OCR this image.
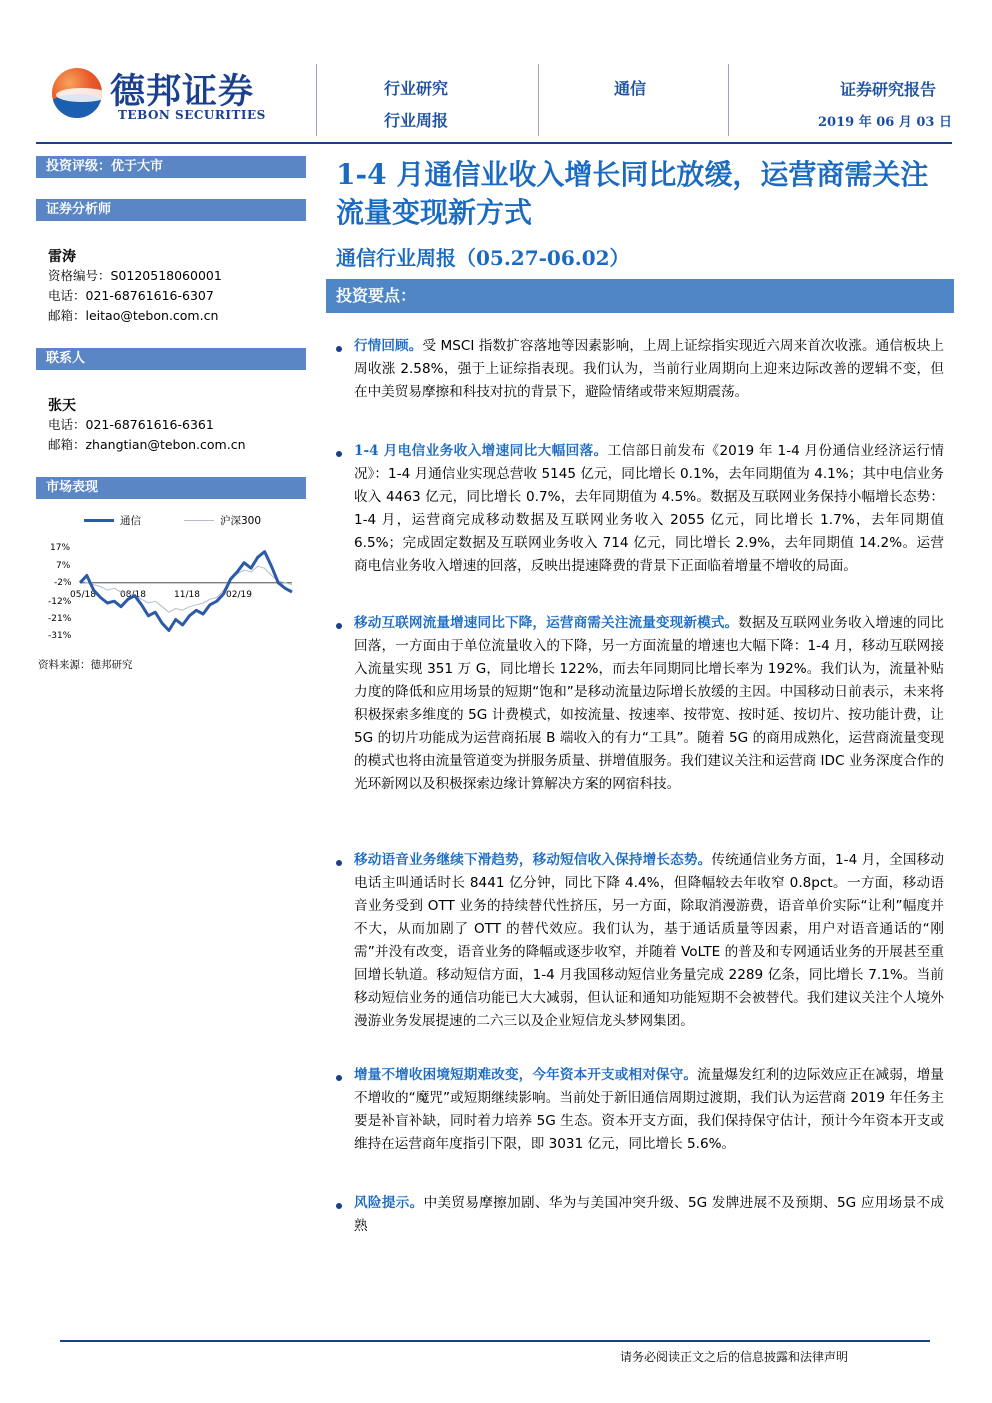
德邦证券
TEBON SECURITIES
行业研究
行业周报
通信	证券研究报告
2019 年 06 月 03 日
投资评级：优于大市
证券分析师
雷涛
资格编号：S0120518060001
电话：021-68761616-6307
邮箱：leitao@tebon.com.cn
联系人
张天
电话：021-68761616-6361
邮箱：zhangtian@tebon.com.cn
市场表现
通信	沪深300
17%
7%
-2%
-12%
-21%
-31%
05/18	08/18	11/18	02/19
资料来源：德邦研究
1-4 月通信业收入增长同比放缓，运营商需关注流量变现新方式
通信行业周报（05.27-06.02）
投资要点：
行情回顾。受 MSCI 指数扩容落地等因素影响，上周上证综指实现近六周来首次收涨。通信板块上周收涨 2.58%，强于上证综指表现。我们认为，当前行业周期向上迎来边际改善的逻辑不变，但在中美贸易摩擦和科技对抗的背景下，避险情绪或带来短期震荡。
1-4 月电信业务收入增速同比大幅回落。工信部日前发布《2019 年 1-4 月份通信业经济运行情况》：1-4 月通信业实现总营收 5145 亿元，同比增长 0.1%，去年同期值为 4.1%；其中电信业务收入 4463 亿元，同比增长 0.7%，去年同期值为 4.5%。数据及互联网业务保持小幅增长态势：1-4 月，运营商完成移动数据及互联网业务收入 2055 亿元，同比增长 1.7%，去年同期值 6.5%；完成固定数据及互联网业务收入 714 亿元，同比增长 2.9%，去年同期值 14.2%。运营商电信业务收入增速的回落，反映出提速降费的背景下正面临着增量不增收的局面。
移动互联网流量增速同比下降，运营商需关注流量变现新模式。数据及互联网业务收入增速的同比回落，一方面由于单位流量收入的下降，另一方面流量的增速也大幅下降：1-4 月，移动互联网接入流量实现 351 万 G，同比增长 122%，而去年同期同比增长率为 192%。我们认为，流量补贴力度的降低和应用场景的短期“饱和”是移动流量边际增长放缓的主因。中国移动日前表示，未来将积极探索多维度的 5G 计费模式，如按流量、按速率、按带宽、按时延、按切片、按功能计费，让 5G 的切片功能成为运营商拓展 B 端收入的有力“工具”。随着 5G 的商用成熟化，运营商流量变现的模式也将由流量管道变为拼服务质量、拼增值服务。我们建议关注和运营商 IDC 业务深度合作的光环新网以及积极探索边缘计算解决方案的网宿科技。
移动语音业务继续下滑趋势，移动短信收入保持增长态势。传统通信业务方面，1-4 月，全国移动电话主叫通话时长 8441 亿分钟，同比下降 4.4%，但降幅较去年收窄 0.8pct。一方面，移动语音业务受到 OTT 业务的持续替代性挤压，另一方面，除取消漫游费，语音单价实际“让利”幅度并不大，从而加剧了 OTT 的替代效应。我们认为，基于通话质量等因素，用户对语音通话的“刚需”并没有改变，语音业务的降幅或逐步收窄，并随着 VoLTE 的普及和专网通话业务的开展甚至重回增长轨道。移动短信方面，1-4 月我国移动短信业务量完成 2289 亿条，同比增长 7.1%。当前移动短信业务的通信功能已大大减弱，但认证和通知功能短期不会被替代。我们建议关注个人境外漫游业务发展提速的二六三以及企业短信龙头梦网集团。
增量不增收困境短期难改变，今年资本开支或相对保守。流量爆发红利的边际效应正在减弱，增量不增收的“魔咒”或短期继续影响。当前处于新旧通信周期过渡期，我们认为运营商 2019 年任务主要是补盲补缺，同时着力培养 5G 生态。资本开支方面，我们保持保守估计，预计今年资本开支或维持在运营商年度指引下限，即 3031 亿元，同比增长 5.6%。
风险提示。中美贸易摩擦加剧、华为与美国冲突升级、5G 发牌进展不及预期、5G 应用场景不成熟
请务必阅读正文之后的信息披露和法律声明
